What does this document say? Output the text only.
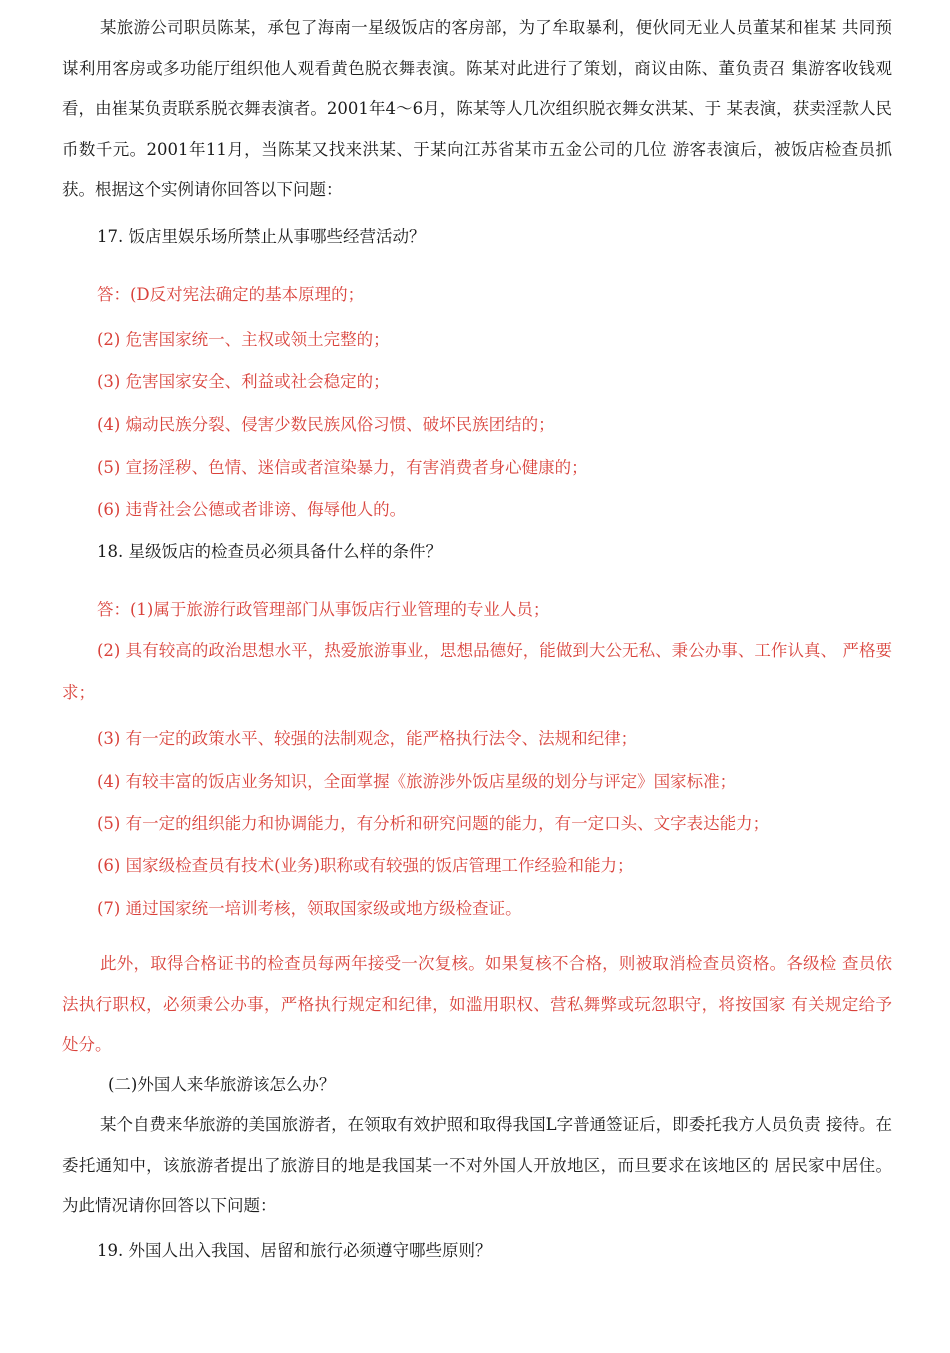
某旅游公司职员陈某，承包了海南一星级饭店的客房部，为了牟取暴利，便伙同无业人员董某和崔某 共同预谋利用客房或多功能厅组织他人观看黄色脱衣舞表演。陈某对此进行了策划，商议由陈、董负责召 集游客收钱观看，由崔某负责联系脱衣舞表演者。2001年4〜6月，陈某等人几次组织脱衣舞女洪某、于 某表演，获卖淫款人民币数千元。2001年11月，当陈某又找来洪某、于某向江苏省某市五金公司的几位 游客表演后，被饭店检查员抓获。根据这个实例请你回答以下问题：

17. 饭店里娱乐场所禁止从事哪些经营活动？

答：(D反对宪法确定的基本原理的；

(2) 危害国家统一、主权或领土完整的；

(3) 危害国家安全、利益或社会稳定的；

(4) 煽动民族分裂、侵害少数民族风俗习惯、破坏民族团结的；

(5) 宣扬淫秽、色情、迷信或者渲染暴力，有害消费者身心健康的；

(6) 违背社会公德或者诽谤、侮辱他人的。

18. 星级饭店的检查员必须具备什么样的条件？

答：(1)属于旅游行政管理部门从事饭店行业管理的专业人员；

(2) 具有较高的政治思想水平，热爱旅游事业，思想品德好，能做到大公无私、秉公办事、工作认真、 严格要求；

(3) 有一定的政策水平、较强的法制观念，能严格执行法令、法规和纪律；

(4) 有较丰富的饭店业务知识，全面掌握《旅游涉外饭店星级的划分与评定》国家标准；

(5) 有一定的组织能力和协调能力，有分析和研究问题的能力，有一定口头、文字表达能力；

(6) 国家级检查员有技术(业务)职称或有较强的饭店管理工作经验和能力；

(7) 通过国家统一培训考核，领取国家级或地方级检查证。

此外，取得合格证书的检查员每两年接受一次复核。如果复核不合格，则被取消检查员资格。各级检 查员依法执行职权，必须秉公办事，严格执行规定和纪律，如滥用职权、营私舞弊或玩忽职守，将按国家 有关规定给予处分。

(二)外国人来华旅游该怎么办？

某个自费来华旅游的美国旅游者，在领取有效护照和取得我国L字普通签证后，即委托我方人员负责 接待。在委托通知中，该旅游者提出了旅游目的地是我国某一不对外国人开放地区，而旦要求在该地区的 居民家中居住。为此情况请你回答以下问题：

19. 外国人出入我国、居留和旅行必须遵守哪些原则？
